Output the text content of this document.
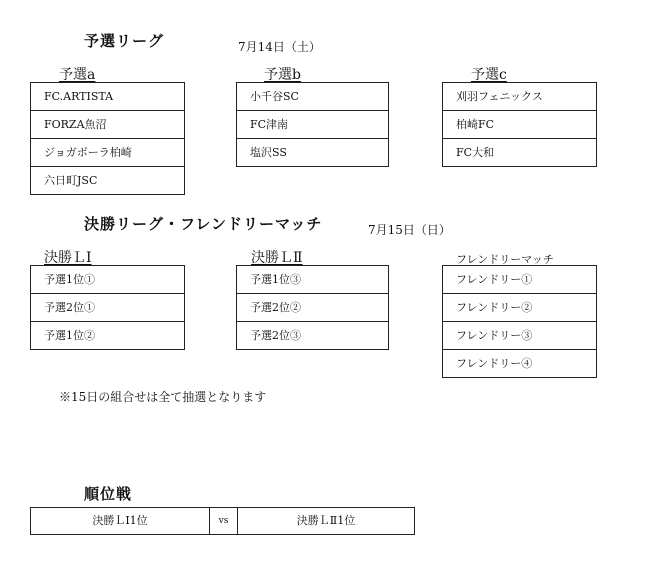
予選リーグ	7月14日（土）
予選a
FC.ARTISTA
FORZA魚沼
ジョガボーラ柏崎
六日町JSC
予選b
小千谷SC
FC津南
塩沢SS
予選c
刈羽フェニックス
柏崎FC
FC大和
決勝リーグ・フレンドリーマッチ	7月15日（日）
決勝ＬⅠ
予選1位①
予選2位①
予選1位②
決勝ＬⅡ
予選1位③
予選2位②
予選2位③
フレンドリーマッチ
フレンドリー①
フレンドリー②
フレンドリー③
フレンドリー④
※15日の組合せは全て抽選となります
順位戦
決勝ＬⅠ1位	vs	決勝ＬⅡ1位
